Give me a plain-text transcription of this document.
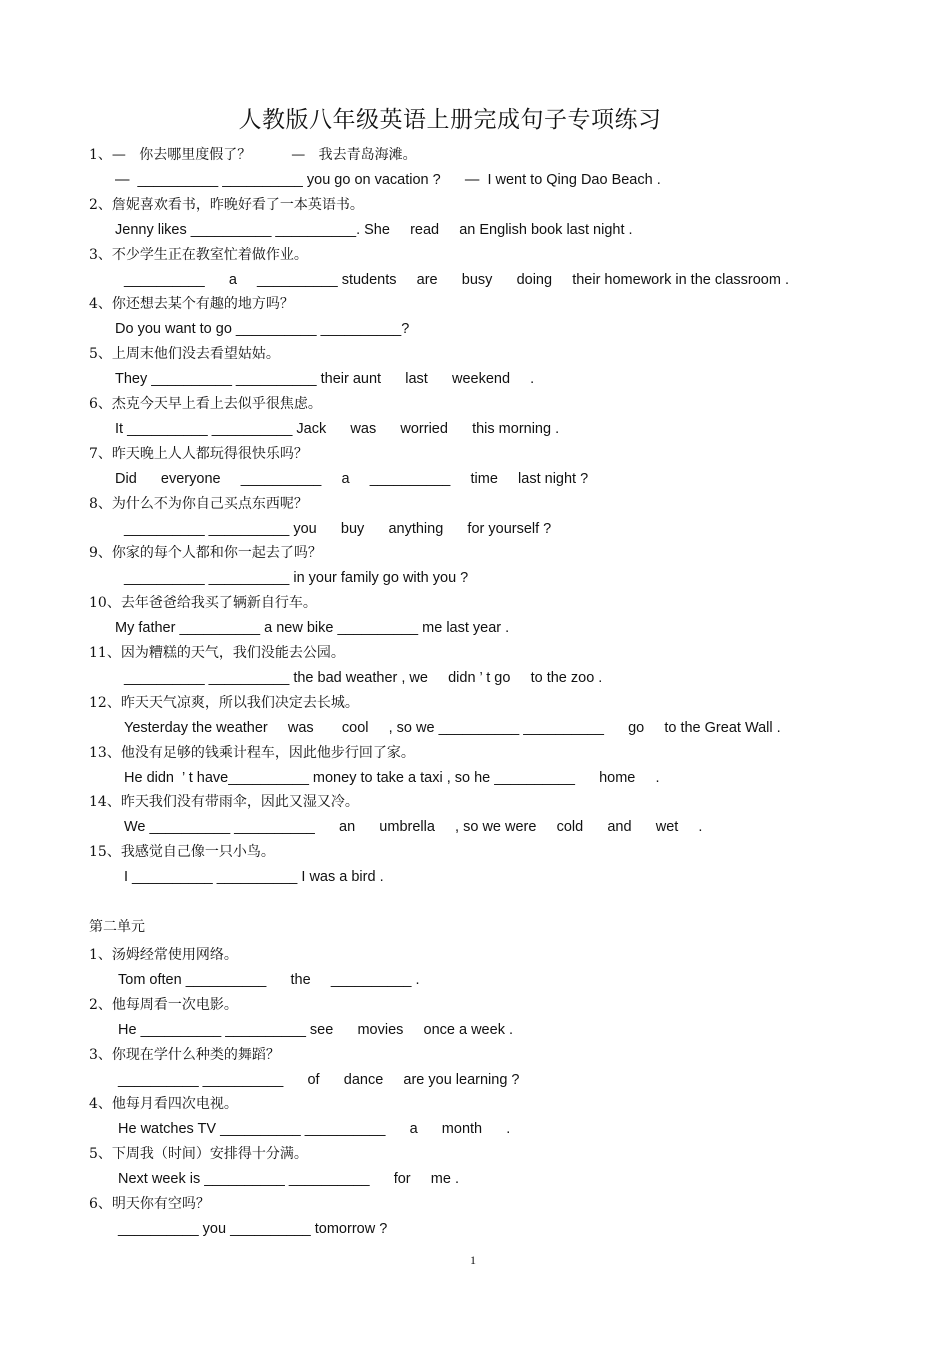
人教版八年级英语上册完成句子专项练习
1、—   你去哪里度假了？         —   我去青岛海滩。
—  __________ __________ you go on vacation ?      —  I went to Qing Dao Beach .
2、詹妮喜欢看书，昨晚好看了一本英语书。
Jenny likes __________ __________. She     read     an English book last night .
3、不少学生正在教室忙着做作业。
__________      a     __________ students     are      busy      doing     their homework in the classroom .
4、你还想去某个有趣的地方吗？
Do you want to go __________ __________?
5、上周末他们没去看望姑姑。
They __________ __________ their aunt      last      weekend     .
6、杰克今天早上看上去似乎很焦虑。
It __________ __________ Jack      was      worried      this morning .
7、昨天晚上人人都玩得很快乐吗？
Did      everyone     __________     a     __________     time     last night ?
8、为什么不为你自己买点东西呢？
__________ __________ you      buy      anything      for yourself ?
9、你家的每个人都和你一起去了吗？
__________ __________ in your family go with you ?
10、去年爸爸给我买了辆新自行车。
My father __________ a new bike __________ me last year .
11、因为糟糕的天气，我们没能去公园。
__________ __________ the bad weather , we     didn ’ t go     to the zoo .
12、昨天天气凉爽，所以我们决定去长城。
Yesterday the weather     was       cool     , so we __________ __________      go     to the Great Wall .
13、他没有足够的钱乘计程车，因此他步行回了家。
He didn  ’ t have__________ money to take a taxi , so he __________      home     .
14、昨天我们没有带雨伞，因此又湿又冷。
We __________ __________      an      umbrella     , so we were     cold      and      wet     .
15、我感觉自己像一只小鸟。
I __________ __________ I was a bird .
第二单元
1、汤姆经常使用网络。
Tom often __________      the     __________ .
2、他每周看一次电影。
He __________ __________ see      movies     once a week .
3、你现在学什么种类的舞蹈？
__________ __________      of      dance     are you learning ?
4、他每月看四次电视。
He watches TV __________ __________      a      month      .
5、下周我（时间）安排得十分满。
Next week is __________ __________      for     me .
6、明天你有空吗？
__________ you __________ tomorrow ?
1
